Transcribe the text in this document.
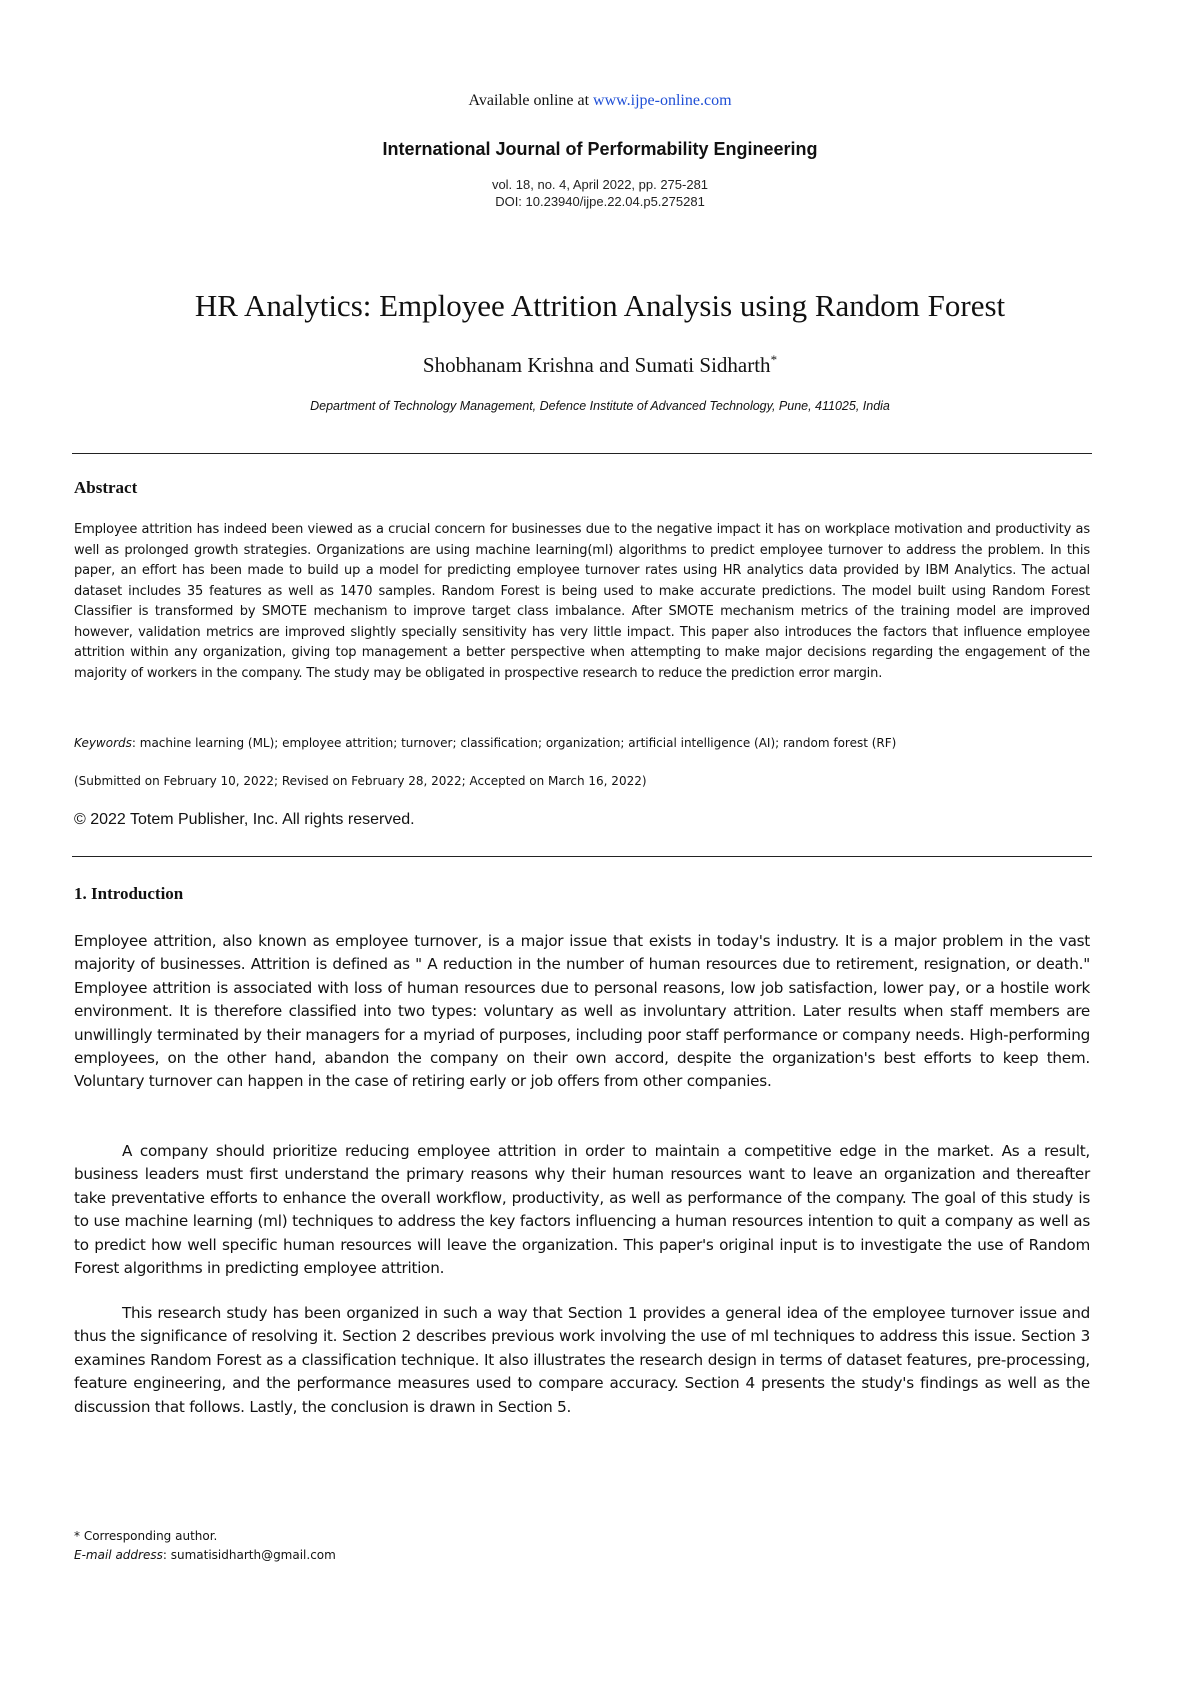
Available online at www.ijpe-online.com
International Journal of Performability Engineering
vol. 18, no. 4, April 2022, pp. 275-281
DOI: 10.23940/ijpe.22.04.p5.275281
HR Analytics: Employee Attrition Analysis using Random Forest
Shobhanam Krishna and Sumati Sidharth*
Department of Technology Management, Defence Institute of Advanced Technology, Pune, 411025, India
Abstract
Employee attrition has indeed been viewed as a crucial concern for businesses due to the negative impact it has on workplace motivation and productivity as well as prolonged growth strategies. Organizations are using machine learning(ml) algorithms to predict employee turnover to address the problem. In this paper, an effort has been made to build up a model for predicting employee turnover rates using HR analytics data provided by IBM Analytics. The actual dataset includes 35 features as well as 1470 samples. Random Forest is being used to make accurate predictions. The model built using Random Forest Classifier is transformed by SMOTE mechanism to improve target class imbalance. After SMOTE mechanism metrics of the training model are improved however, validation metrics are improved slightly specially sensitivity has very little impact. This paper also introduces the factors that influence employee attrition within any organization, giving top management a better perspective when attempting to make major decisions regarding the engagement of the majority of workers in the company. The study may be obligated in prospective research to reduce the prediction error margin.
Keywords: machine learning (ML); employee attrition; turnover; classification; organization; artificial intelligence (AI); random forest (RF)
(Submitted on February 10, 2022; Revised on February 28, 2022; Accepted on March 16, 2022)
© 2022 Totem Publisher, Inc. All rights reserved.
1. Introduction

Employee attrition, also known as employee turnover, is a major issue that exists in today's industry. It is a major problem in the vast majority of businesses. Attrition is defined as " A reduction in the number of human resources due to retirement, resignation, or death." Employee attrition is associated with loss of human resources due to personal reasons, low job satisfaction, lower pay, or a hostile work environment. It is therefore classified into two types: voluntary as well as involuntary attrition. Later results when staff members are unwillingly terminated by their managers for a myriad of purposes, including poor staff performance or company needs. High-performing employees, on the other hand, abandon the company on their own accord, despite the organization's best efforts to keep them. Voluntary turnover can happen in the case of retiring early or job offers from other companies.

A company should prioritize reducing employee attrition in order to maintain a competitive edge in the market. As a result, business leaders must first understand the primary reasons why their human resources want to leave an organization and thereafter take preventative efforts to enhance the overall workflow, productivity, as well as performance of the company. The goal of this study is to use machine learning (ml) techniques to address the key factors influencing a human resources intention to quit a company as well as to predict how well specific human resources will leave the organization. This paper's original input is to investigate the use of Random Forest algorithms in predicting employee attrition.

This research study has been organized in such a way that Section 1 provides a general idea of the employee turnover issue and thus the significance of resolving it. Section 2 describes previous work involving the use of ml techniques to address this issue. Section 3 examines Random Forest as a classification technique. It also illustrates the research design in terms of dataset features, pre-processing, feature engineering, and the performance measures used to compare accuracy. Section 4 presents the study's findings as well as the discussion that follows. Lastly, the conclusion is drawn in Section 5.

* Corresponding author.
E-mail address: sumatisidharth@gmail.com
